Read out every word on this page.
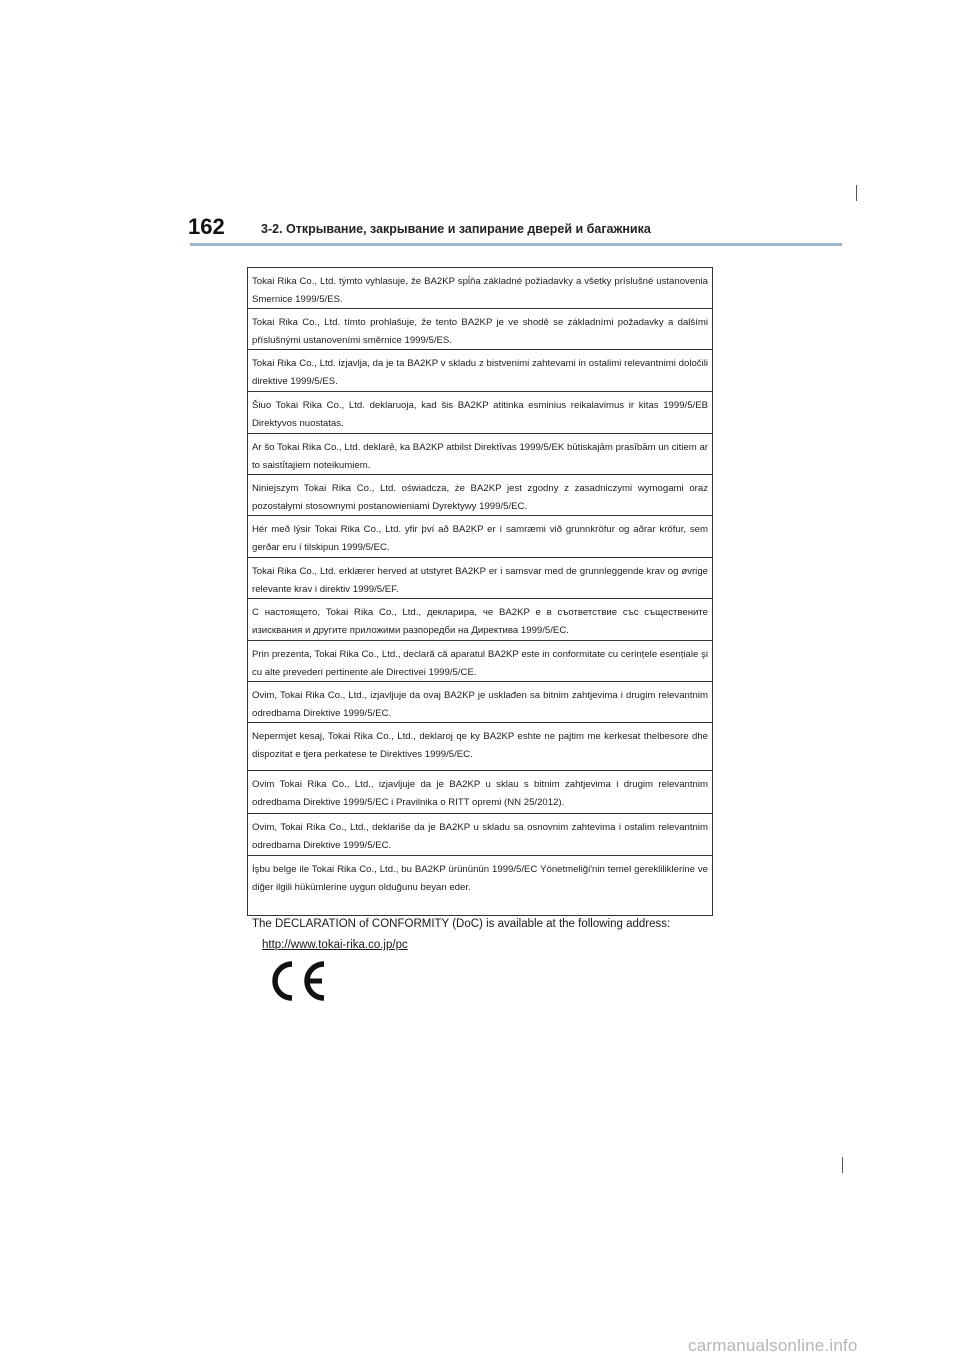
162	3-2. Открывание, закрывание и запирание дверей и багажника
Tokai Rika Co., Ltd. týmto vyhlasuje, že BA2KP spĺňa základné požiadavky a všetky príslušné ustanovenia Smernice 1999/5/ES.
Tokai Rika Co., Ltd. tímto prohlašuje, že tento BA2KP je ve shodě se základními požadavky a dalšími příslušnými ustanoveními směrnice 1999/5/ES.
Tokai Rika Co., Ltd. izjavlja, da je ta BA2KP v skladu z bistvenimi zahtevami in ostalimi relevantnimi določili direktive 1999/5/ES.
Šiuo Tokai Rika Co., Ltd. deklaruoja, kad šis BA2KP atitinka esminius reikalavimus ir kitas 1999/5/EB Direktyvos nuostatas.
Ar šo Tokai Rika Co., Ltd. deklarē, ka BA2KP atbilst Direktīvas 1999/5/EK būtiskajām prasībām un citiem ar to saistītajiem noteikumiem.
Niniejszym Tokai Rika Co., Ltd. oświadcza, że BA2KP jest zgodny z zasadniczymi wymogami oraz pozostałymi stosownymi postanowieniami Dyrektywy 1999/5/EC.
Hér með lýsir Tokai Rika Co., Ltd. yfir því að BA2KP er í samræmi við grunnkröfur og aðrar kröfur, sem gerðar eru í tilskipun 1999/5/EC.
Tokai Rika Co., Ltd. erklærer herved at utstyret BA2KP er i samsvar med de grunnleggende krav og øvrige relevante krav i direktiv 1999/5/EF.
С настоящето, Tokai Rika Co., Ltd., декларира, че BA2KP е в съответствие със съществените изисквания и другите приложими разпоредби на Директива 1999/5/EC.
Prin prezenta, Tokai Rika Co., Ltd., declară că aparatul BA2KP este in conformitate cu cerințele esențiale şi cu alte prevederi pertinente ale Directivei 1999/5/CE.
Ovim, Tokai Rika Co., Ltd., izjavljuje da ovaj BA2KP je usklađen sa bitnim zahtjevima i drugim relevantnim odredbama Direktive 1999/5/EC.
Nepermjet kesaj, Tokai Rika Co., Ltd., deklaroj qe ky BA2KP eshte ne pajtim me kerkesat thelbesore dhe dispozitat e tjera perkatese te Direktives 1999/5/EC.
Ovim Tokai Rika Co., Ltd., izjavljuje da je BA2KP u sklau s bitnim zahtjevima i drugim relevantnim odredbama Direktive 1999/5/EC i Pravilnika o RITT opremi (NN 25/2012).
Ovim, Tokai Rika Co., Ltd., deklariše da je BA2KP u skladu sa osnovnim zahtevima i ostalim relevantnim odredbama Direktive 1999/5/EC.
İşbu belge ile Tokai Rika Co., Ltd., bu BA2KP ürününün 1999/5/EC Yönetmeliği'nin temel gerekliliklerine ve diğer ilgili hükümlerine uygun olduğunu beyan eder.
The DECLARATION of CONFORMITY (DoC) is available at the following address:
http://www.tokai-rika.co.jp/pc
carmanualsonline.info
